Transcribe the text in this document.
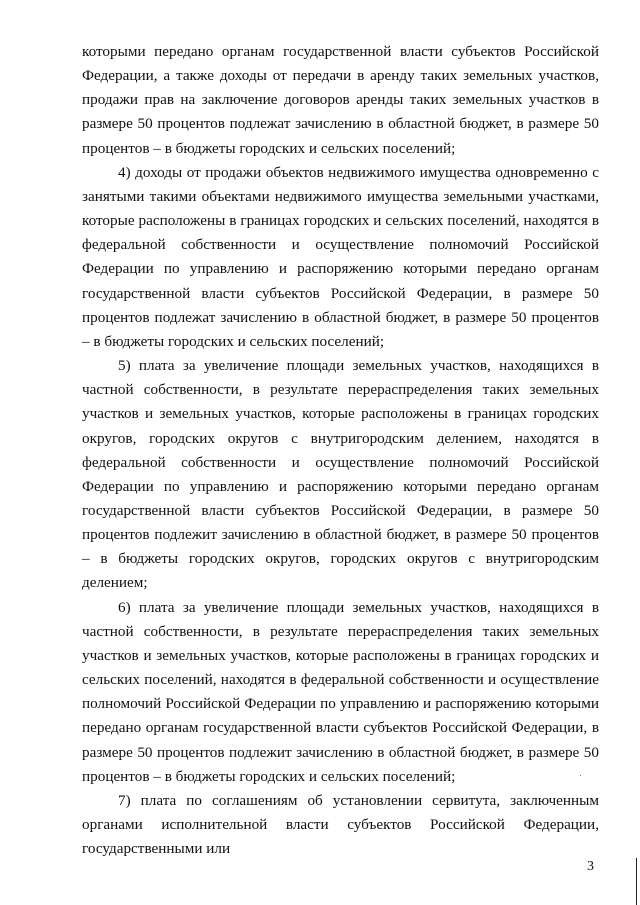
которыми передано органам государственной власти субъектов Российской Федерации, а также доходы от передачи в аренду таких земельных участков, продажи прав на заключение договоров аренды таких земельных участков в размере 50 процентов подлежат зачислению в областной бюджет, в размере 50 процентов – в бюджеты городских и сельских поселений;

4) доходы от продажи объектов недвижимого имущества одновременно с занятыми такими объектами недвижимого имущества земельными участками, которые расположены в границах городских и сельских поселений, находятся в федеральной собственности и осуществление полномочий Российской Федерации по управлению и распоряжению которыми передано органам государственной власти субъектов Российской Федерации, в размере 50 процентов подлежат зачислению в областной бюджет, в размере 50 процентов – в бюджеты городских и сельских поселений;

5) плата за увеличение площади земельных участков, находящихся в частной собственности, в результате перераспределения таких земельных участков и земельных участков, которые расположены в границах городских округов, городских округов с внутригородским делением, находятся в федеральной собственности и осуществление полномочий Российской Федерации по управлению и распоряжению которыми передано органам государственной власти субъектов Российской Федерации, в размере 50 процентов подлежит зачислению в областной бюджет, в размере 50 процентов – в бюджеты городских округов, городских округов с внутригородским делением;

6) плата за увеличение площади земельных участков, находящихся в частной собственности, в результате перераспределения таких земельных участков и земельных участков, которые расположены в границах городских и сельских поселений, находятся в федеральной собственности и осуществление полномочий Российской Федерации по управлению и распоряжению которыми передано органам государственной власти субъектов Российской Федерации, в размере 50 процентов подлежит зачислению в областной бюджет, в размере 50 процентов – в бюджеты городских и сельских поселений;

7) плата по соглашениям об установлении сервитута, заключенным органами исполнительной власти субъектов Российской Федерации, государственными или

3
